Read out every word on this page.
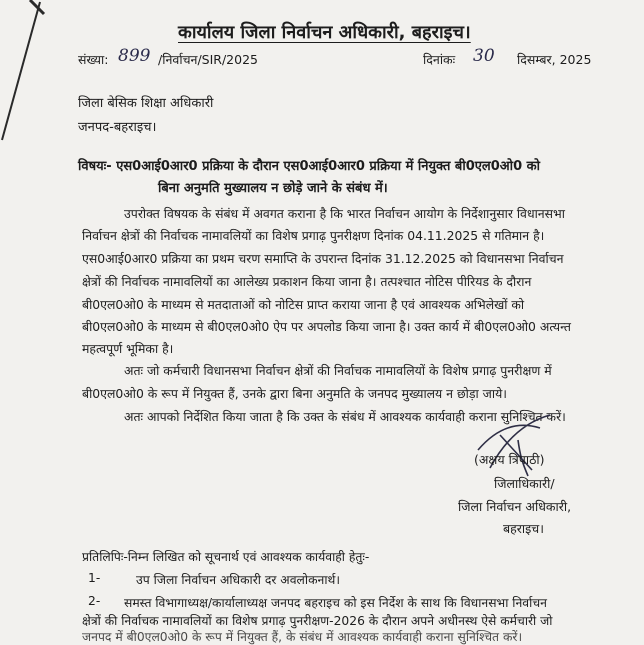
कार्यालय जिला निर्वाचन अधिकारी, बहराइच।
संख्या: 899 /निर्वाचन/SIR/2025	दिनांकः 30 दिसम्बर, 2025
जिला बेसिक शिक्षा अधिकारी
जनपद-बहराइच।
विषयः- एस0आई0आर0 प्रक्रिया के दौरान एस0आई0आर0 प्रक्रिया में नियुक्त बी0एल0ओ0 को
बिना अनुमति मुख्यालय न छोड़े जाने के संबंध में।
उपरोक्त विषयक के संबंध में अवगत कराना है कि भारत निर्वाचन आयोग के निर्देशानुसार विधानसभा
निर्वाचन क्षेत्रों की निर्वाचक नामावलियों का विशेष प्रगाढ़ पुनरीक्षण दिनांक 04.11.2025 से गतिमान है।
एस0आई0आर0 प्रक्रिया का प्रथम चरण समाप्ति के उपरान्त दिनांक 31.12.2025 को विधानसभा निर्वाचन
क्षेत्रों की निर्वाचक नामावलियों का आलेख्य प्रकाशन किया जाना है। तत्पश्चात नोटिस पीरियड के दौरान
बी0एल0ओ0 के माध्यम से मतदाताओं को नोटिस प्राप्त कराया जाना है एवं आवश्यक अभिलेखों को
बी0एल0ओ0 के माध्यम से बी0एल0ओ0 ऐप पर अपलोड किया जाना है। उक्त कार्य में बी0एल0ओ0 अत्यन्त
महत्वपूर्ण भूमिका है।
अतः जो कर्मचारी विधानसभा निर्वाचन क्षेत्रों की निर्वाचक नामावलियों के विशेष प्रगाढ़ पुनरीक्षण में
बी0एल0ओ0 के रूप में नियुक्त हैं, उनके द्वारा बिना अनुमति के जनपद मुख्यालय न छोड़ा जाये।
अतः आपको निर्देशित किया जाता है कि उक्त के संबंध में आवश्यक कार्यवाही कराना सुनिश्चित करें।
(अक्षय त्रिपाठी)
जिलाधिकारी/
जिला निर्वाचन अधिकारी,
बहराइच।
प्रतिलिपिः-निम्न लिखित को सूचनार्थ एवं आवश्यक कार्यवाही हेतुः-
1-	उप जिला निर्वाचन अधिकारी दर अवलोकनार्थ।
2- समस्त विभागाध्यक्ष/कार्यालाध्यक्ष जनपद बहराइच को इस निर्देश के साथ कि विधानसभा निर्वाचन
क्षेत्रों की निर्वाचक नामावलियों का विशेष प्रगाढ़ पुनरीक्षण-2026 के दौरान अपने अधीनस्थ ऐसे कर्मचारी जो
जनपद में बी0एल0ओ0 के रूप में नियुक्त हैं, के संबंध में आवश्यक कार्यवाही कराना सुनिश्चित करें।
